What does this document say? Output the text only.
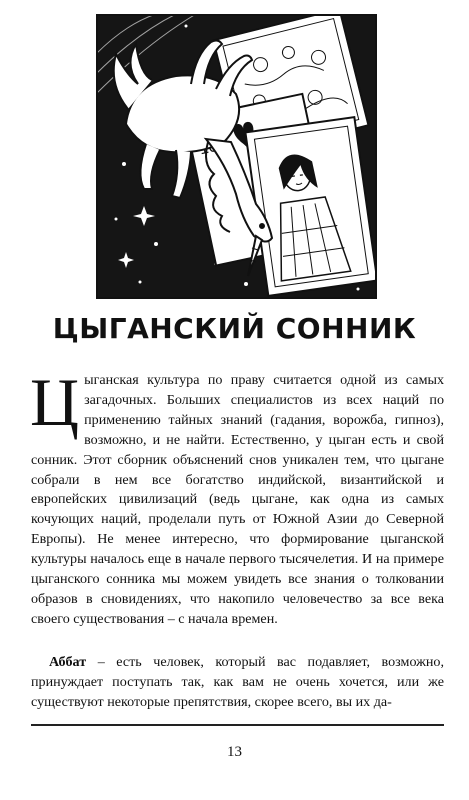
ЦЫГАНСКИЙ СОННИК
Цыганская культура по праву считается одной из самых загадочных. Больших специалистов из всех наций по применению тайных знаний (гадания, ворожба, гипноз), возможно, и не найти. Естественно, у цыган есть и свой сонник. Этот сборник объяснений снов уникален тем, что цыгане собрали в нем все богатство индийской, византийской и европейских цивилизаций (ведь цыгане, как одна из самых кочующих наций, проделали путь от Южной Азии до Северной Европы). Не менее интересно, что формирование цыганской культуры началось еще в начале первого тысячелетия. И на примере цыганского сонника мы можем увидеть все знания о толковании образов в сновидениях, что накопило человечество за все века своего существования – с начала времен.
Аббат – есть человек, который вас подавляет, возможно, принуждает поступать так, как вам не очень хочется, или же существуют некоторые препятствия, скорее всего, вы их да-
13
